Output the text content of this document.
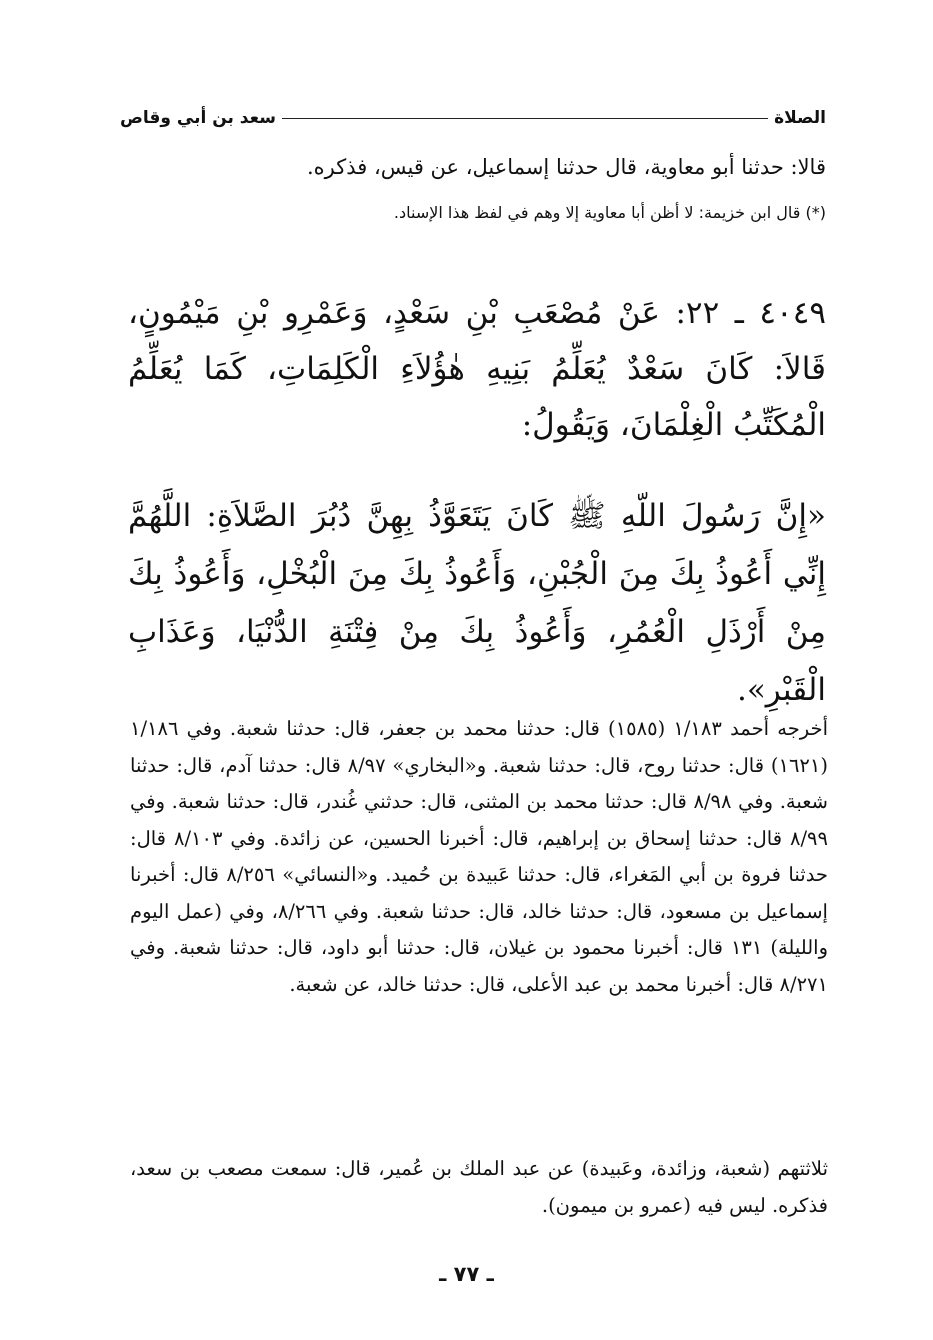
الصلاة
سعد بن أبي وقاص

قالا: حدثنا أبو معاوية، قال حدثنا إسماعيل، عن قيس، فذكره.

(*) قال ابن خزيمة: لا أظن أبا معاوية إلا وهم في لفظ هذا الإسناد.

٤٠٤٩ ـ ٢٢: عَنْ مُصْعَبِ بْنِ سَعْدٍ، وَعَمْرِو بْنِ مَيْمُونٍ، قَالاَ: كَانَ سَعْدٌ يُعَلِّمُ بَنِيهِ هٰؤُلاَءِ الْكَلِمَاتِ، كَمَا يُعَلِّمُ الْمُكَتِّبُ الْغِلْمَانَ، وَيَقُولُ:

«إِنَّ رَسُولَ اللّهِ ﷺ كَانَ يَتَعَوَّذُ بِهِنَّ دُبُرَ الصَّلاَةِ: اللَّهُمَّ إِنِّي أَعُوذُ بِكَ مِنَ الْجُبْنِ، وَأَعُوذُ بِكَ مِنَ الْبُخْلِ، وَأَعُوذُ بِكَ مِنْ أَرْذَلِ الْعُمُرِ، وَأَعُوذُ بِكَ مِنْ فِتْنَةِ الدُّنْيَا، وَعَذَابِ الْقَبْرِ».

أخرجه أحمد ١/١٨٣ (١٥٨٥) قال: حدثنا محمد بن جعفر، قال: حدثنا شعبة. وفي ١/١٨٦ (١٦٢١) قال: حدثنا روح، قال: حدثنا شعبة. و«البخاري» ٨/٩٧ قال: حدثنا آدم، قال: حدثنا شعبة. وفي ٨/٩٨ قال: حدثنا محمد بن المثنى، قال: حدثني غُندر، قال: حدثنا شعبة. وفي ٨/٩٩ قال: حدثنا إسحاق بن إبراهيم، قال: أخبرنا الحسين، عن زائدة. وفي ٨/١٠٣ قال: حدثنا فروة بن أبي المَغراء، قال: حدثنا عَبيدة بن حُميد. و«النسائي» ٨/٢٥٦ قال: أخبرنا إسماعيل بن مسعود، قال: حدثنا خالد، قال: حدثنا شعبة. وفي ٨/٢٦٦، وفي (عمل اليوم والليلة) ١٣١ قال: أخبرنا محمود بن غيلان، قال: حدثنا أبو داود، قال: حدثنا شعبة. وفي ٨/٢٧١ قال: أخبرنا محمد بن عبد الأعلى، قال: حدثنا خالد، عن شعبة.

ثلاثتهم (شعبة، وزائدة، وعَبيدة) عن عبد الملك بن عُمير، قال: سمعت مصعب بن سعد، فذكره. ليس فيه (عمرو بن ميمون).

ـ ٧٧ ـ
